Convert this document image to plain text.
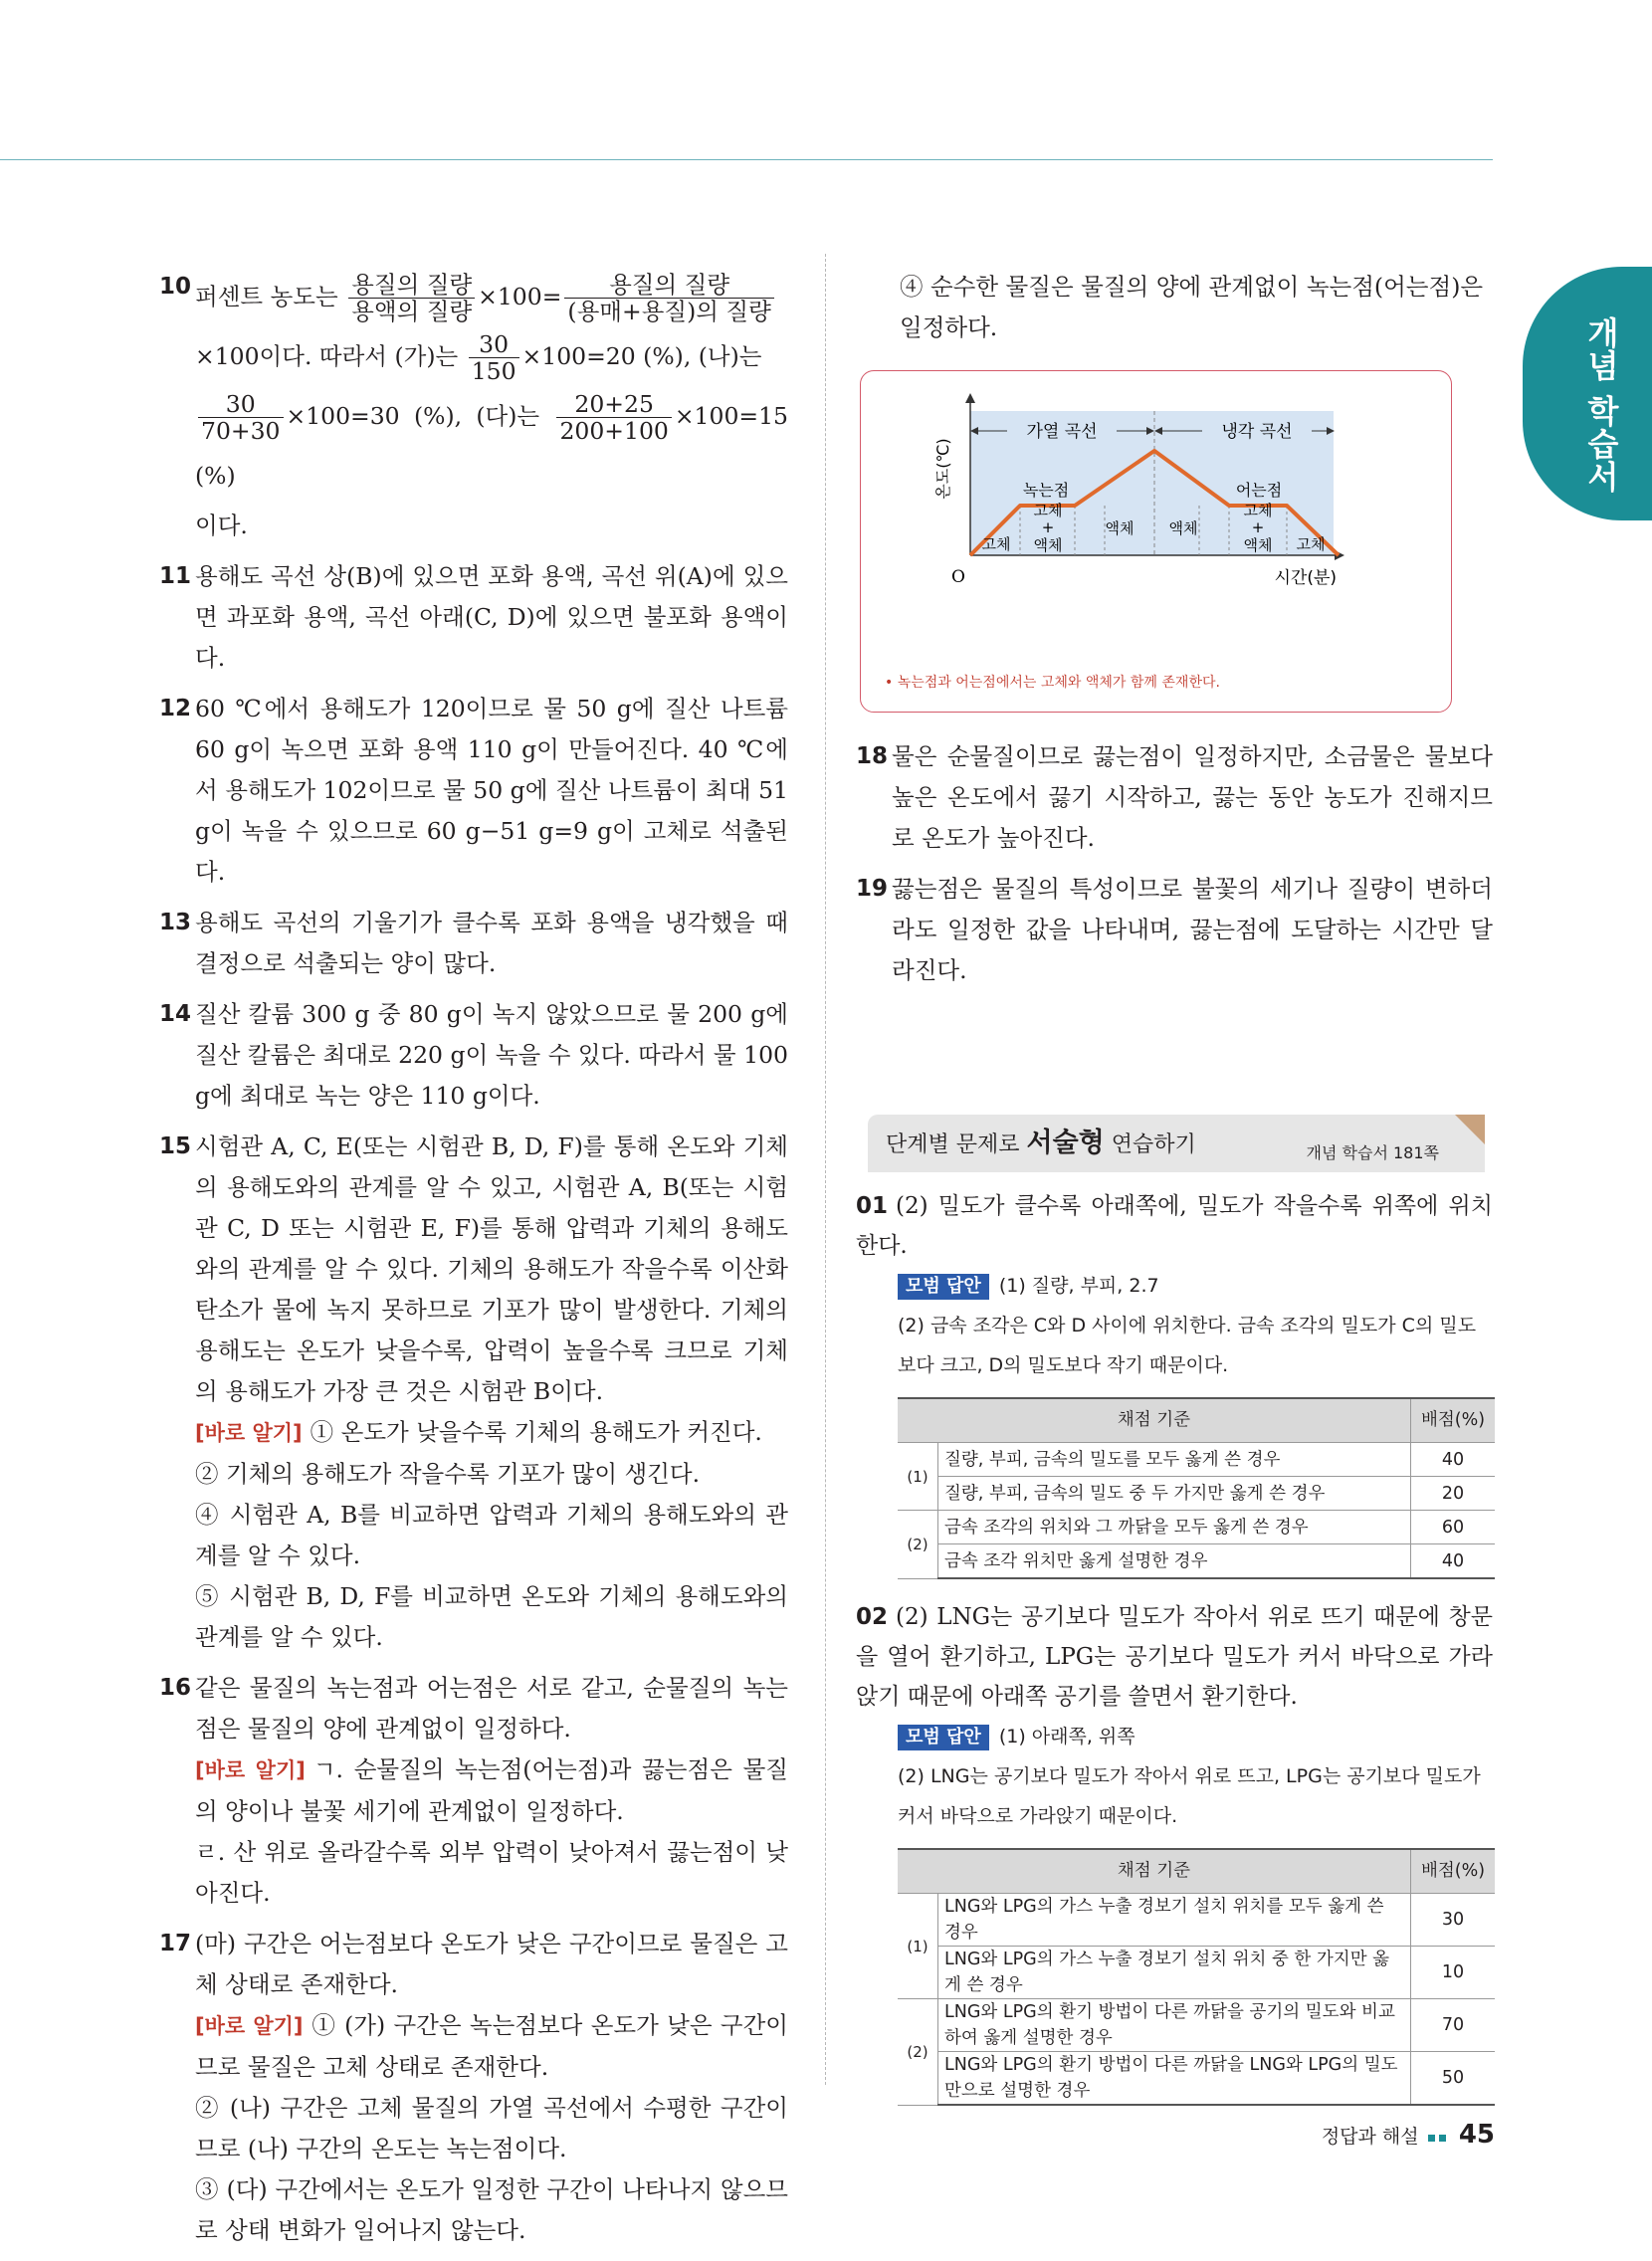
개념 학습서
10 퍼센트 농도는 $\frac{\text{용질의 질량}}{\text{용액의 질량}} \times 100= \frac{\text{용질의 질량}}{\text{(용매+용질)의 질량}}$
×100이다. 따라서 (가)는 $\frac{30}{150} \times 100=20$ (%), (나)는
$\frac{30}{70+30} \times 100=30$ (%), (다)는 $\frac{20+25}{200+100} \times 100=15$ (%)

이다.

11 용해도 곡선 상(B)에 있으면 포화 용액, 곡선 위(A)에 있으면 과포화 용액, 곡선 아래(C, D)에 있으면 불포화 용액이다.

12 60 ℃에서 용해도가 120이므로 물 50 g에 질산 나트륨 60 g이 녹으면 포화 용액 110 g이 만들어진다. 40 ℃에서 용해도가 102이므로 물 50 g에 질산 나트륨이 최대 51 g이 녹을 수 있으므로 60 g−51 g=9 g이 고체로 석출된다.

13 용해도 곡선의 기울기가 클수록 포화 용액을 냉각했을 때 결정으로 석출되는 양이 많다.

14 질산 칼륨 300 g 중 80 g이 녹지 않았으므로 물 200 g에 질산 칼륨은 최대로 220 g이 녹을 수 있다. 따라서 물 100 g에 최대로 녹는 양은 110 g이다.

15 시험관 A, C, E(또는 시험관 B, D, F)를 통해 온도와 기체의 용해도와의 관계를 알 수 있고, 시험관 A, B(또는 시험관 C, D 또는 시험관 E, F)를 통해 압력과 기체의 용해도와의 관계를 알 수 있다. 기체의 용해도가 작을수록 이산화 탄소가 물에 녹지 못하므로 기포가 많이 발생한다. 기체의 용해도는 온도가 낮을수록, 압력이 높을수록 크므로 기체의 용해도가 가장 큰 것은 시험관 B이다.

[바로 알기] ① 온도가 낮을수록 기체의 용해도가 커진다.

② 기체의 용해도가 작을수록 기포가 많이 생긴다.

④ 시험관 A, B를 비교하면 압력과 기체의 용해도와의 관계를 알 수 있다.

⑤ 시험관 B, D, F를 비교하면 온도와 기체의 용해도와의 관계를 알 수 있다.

16 같은 물질의 녹는점과 어는점은 서로 같고, 순물질의 녹는점은 물질의 양에 관계없이 일정하다.

[바로 알기] ㄱ. 순물질의 녹는점(어는점)과 끓는점은 물질의 양이나 불꽃 세기에 관계없이 일정하다.

ㄹ. 산 위로 올라갈수록 외부 압력이 낮아져서 끓는점이 낮아진다.

17 (마) 구간은 어는점보다 온도가 낮은 구간이므로 물질은 고체 상태로 존재한다.

[바로 알기] ① (가) 구간은 녹는점보다 온도가 낮은 구간이므로 물질은 고체 상태로 존재한다.

② (나) 구간은 고체 물질의 가열 곡선에서 수평한 구간이므로 (나) 구간의 온도는 녹는점이다.

③ (다) 구간에서는 온도가 일정한 구간이 나타나지 않으므로 상태 변화가 일어나지 않는다.

④ 순수한 물질은 물질의 양에 관계없이 녹는점(어는점)은 일정하다.

온도(℃)
가열 곡선	냉각 곡선
녹는점	어는점
고체
고체
+
액체
액체 액체
고체
+
액체 고체
O	시간(분)
• 녹는점과 어는점에서는 고체와 액체가 함께 존재한다.
18 물은 순물질이므로 끓는점이 일정하지만, 소금물은 물보다 높은 온도에서 끓기 시작하고, 끓는 동안 농도가 진해지므로 온도가 높아진다.

19 끓는점은 물질의 특성이므로 불꽃의 세기나 질량이 변하더라도 일정한 값을 나타내며, 끓는점에 도달하는 시간만 달라진다.

단계별 문제로 서술형 연습하기	개념 학습서 181쪽
01 (2) 밀도가 클수록 아래쪽에, 밀도가 작을수록 위쪽에 위치한다.

모범 답안 (1) 질량, 부피, 2.7

(2) 금속 조각은 C와 D 사이에 위치한다. 금속 조각의 밀도가 C의 밀도보다 크고, D의 밀도보다 작기 때문이다.

채점 기준		배점(%)
(1)	질량, 부피, 금속의 밀도를 모두 옳게 쓴 경우	40
	질량, 부피, 금속의 밀도 중 두 가지만 옳게 쓴 경우	20
(2)	금속 조각의 위치와 그 까닭을 모두 옳게 쓴 경우	60
	금속 조각 위치만 옳게 설명한 경우	40
02 (2) LNG는 공기보다 밀도가 작아서 위로 뜨기 때문에 창문을 열어 환기하고, LPG는 공기보다 밀도가 커서 바닥으로 가라앉기 때문에 아래쪽 공기를 쓸면서 환기한다.

모범 답안 (1) 아래쪽, 위쪽

(2) LNG는 공기보다 밀도가 작아서 위로 뜨고, LPG는 공기보다 밀도가 커서 바닥으로 가라앉기 때문이다.

채점 기준		배점(%)
(1)	LNG와 LPG의 가스 누출 경보기 설치 위치를 모두 옳게 쓴 경우	30
	LNG와 LPG의 가스 누출 경보기 설치 위치 중 한 가지만 옳게 쓴 경우	10
(2)	LNG와 LPG의 환기 방법이 다른 까닭을 공기의 밀도와 비교하여 옳게 설명한 경우	70
	LNG와 LPG의 환기 방법이 다른 까닭을 LNG와 LPG의 밀도만으로 설명한 경우	50
정답과 해설 45
